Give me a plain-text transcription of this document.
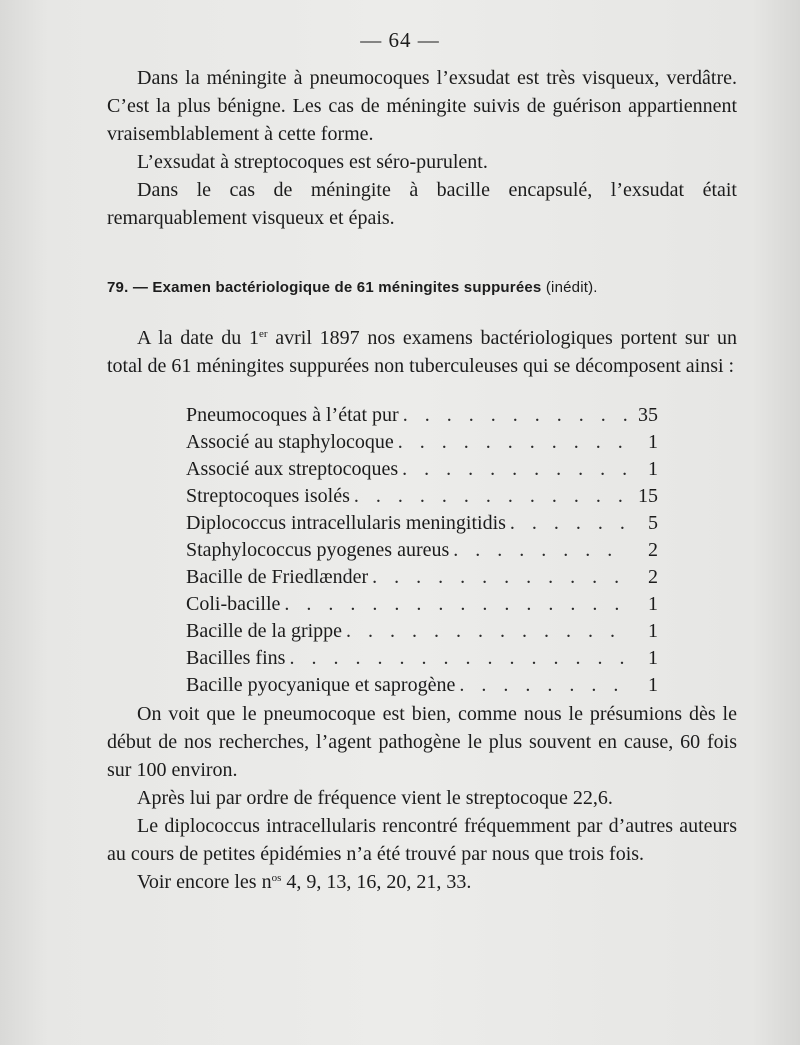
— 64 —

Dans la méningite à pneumocoques l’exsudat est très visqueux, verdâtre. C’est la plus bénigne. Les cas de méningite suivis de guérison appartiennent vraisemblablement à cette forme.

L’exsudat à streptocoques est séro-purulent.

Dans le cas de méningite à bacille encapsulé, l’exsudat était remarquablement visqueux et épais.

79. — Examen bactériologique de 61 méningites suppurées (inédit).

A la date du 1er avril 1897 nos examens bactériologiques portent sur un total de 61 méningites suppurées non tuberculeuses qui se décomposent ainsi :

Pneumocoques à l’état pur . . .	35
Associé au staphylocoque . . .	1
Associé aux streptocoques . . .	1
Streptocoques isolés . . .	15
Diplococcus intracellularis meningitidis . . .	5
Staphylococcus pyogenes aureus . . .	2
Bacille de Friedlænder . . .	2
Coli-bacille . . .	1
Bacille de la grippe . . .	1
Bacilles fins . . .	1
Bacille pyocyanique et saprogène . . .	1

On voit que le pneumocoque est bien, comme nous le présumions dès le début de nos recherches, l’agent pathogène le plus souvent en cause, 60 fois sur 100 environ.

Après lui par ordre de fréquence vient le streptocoque 22,6.

Le diplococcus intracellularis rencontré fréquemment par d’autres auteurs au cours de petites épidémies n’a été trouvé par nous que trois fois.

Voir encore les $n^{os}$ 4, 9, 13, 16, 20, 21, 33.
